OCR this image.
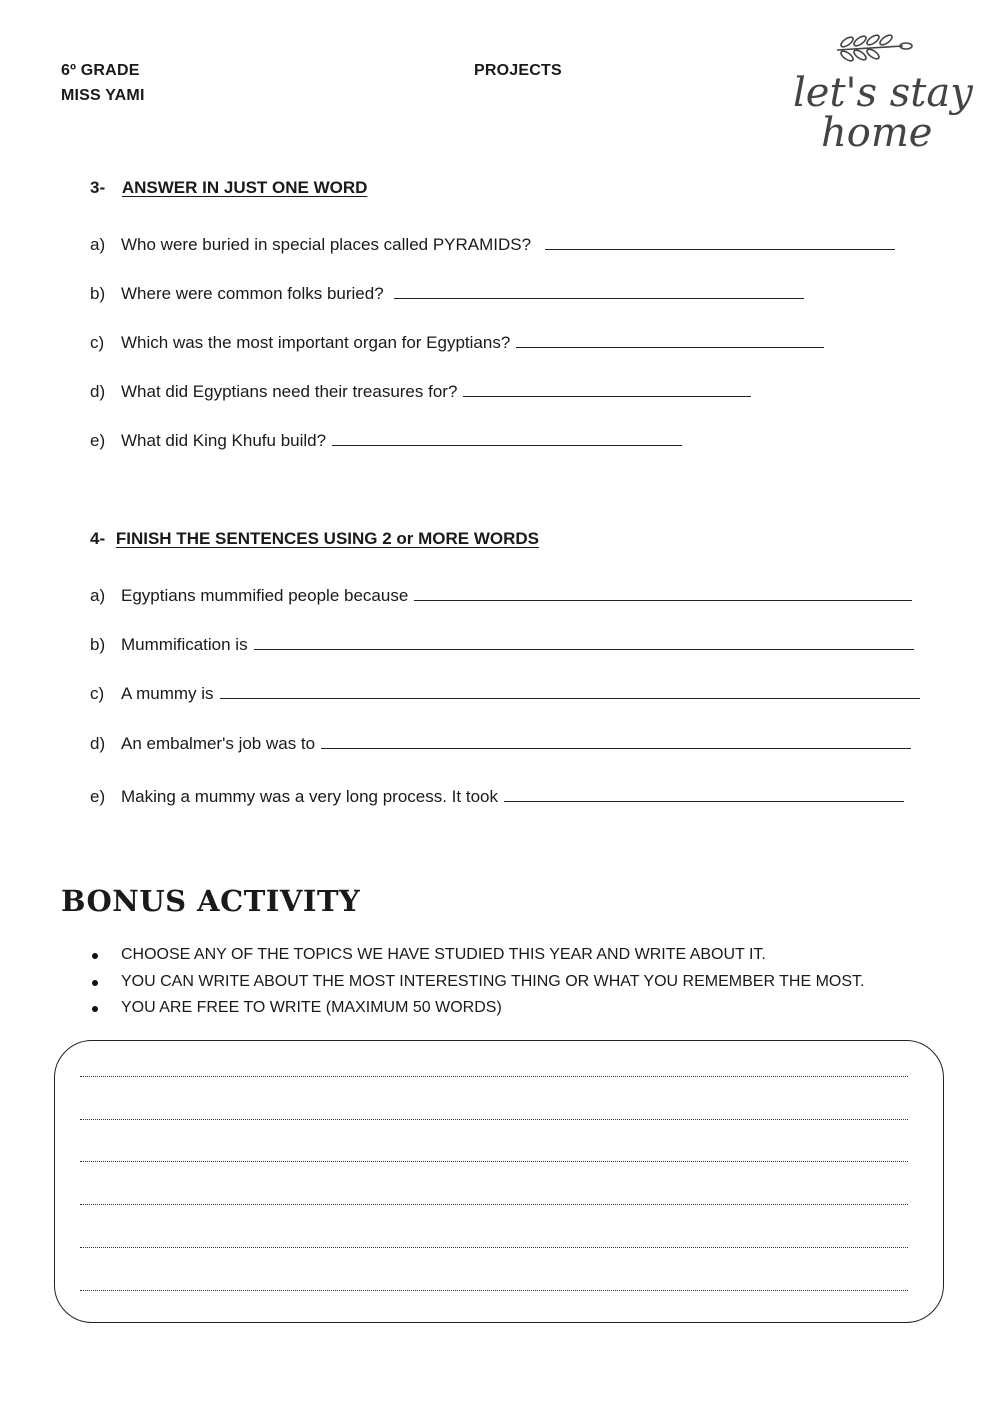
6º GRADE
MISS YAMI
PROJECTS	let's stay
home
3- ANSWER IN JUST ONE WORD
a) Who were buried in special places called PYRAMIDS?
b) Where were common folks buried?
c) Which was the most important organ for Egyptians?
d) What did Egyptians need their treasures for?
e) What did King Khufu build?
4- FINISH THE SENTENCES USING 2 or MORE WORDS
a) Egyptians mummified people because
b) Mummification is
c) A mummy is
d) An embalmer's job was to
e) Making a mummy was a very long process. It took
BONUS ACTIVITY
CHOOSE ANY OF THE TOPICS WE HAVE STUDIED THIS YEAR AND WRITE ABOUT IT.
YOU CAN WRITE ABOUT THE MOST INTERESTING THING OR WHAT YOU REMEMBER THE MOST.
YOU ARE FREE TO WRITE (MAXIMUM 50 WORDS)
